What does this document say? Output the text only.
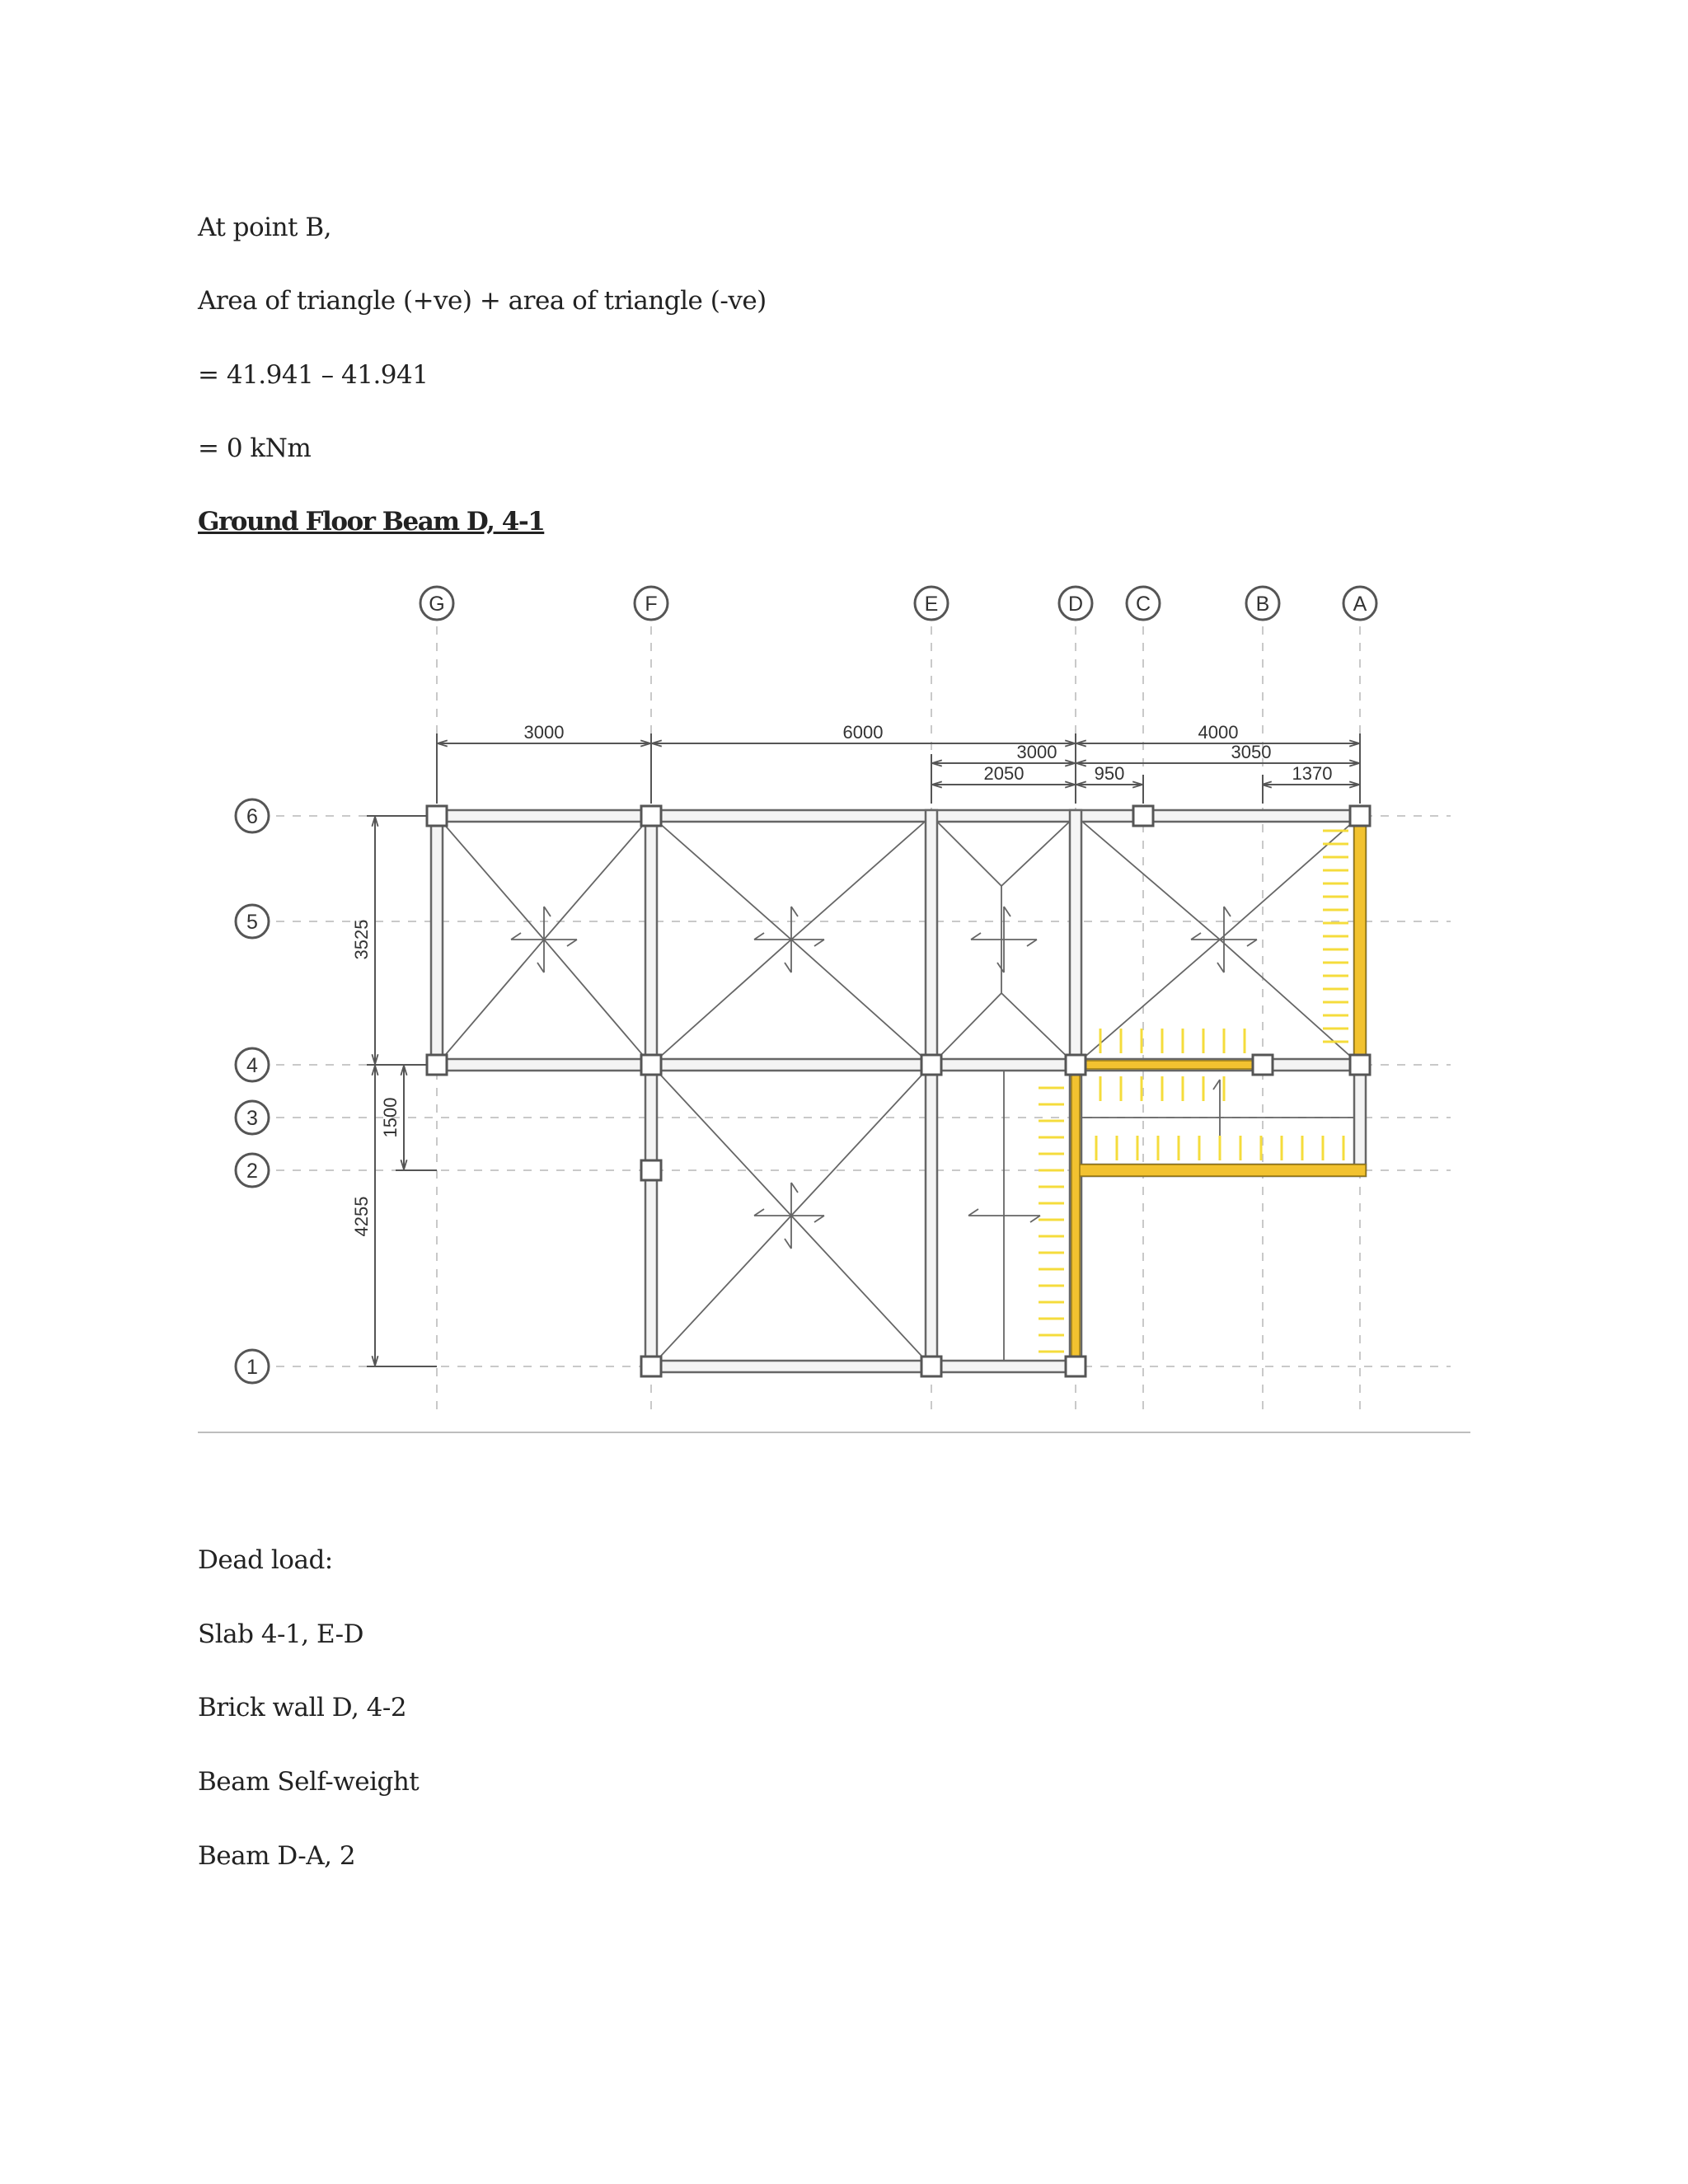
At point B,
Area of triangle (+ve) + area of triangle (-ve)
= 41.941 – 41.941
= 0 kNm
Ground Floor Beam D, 4-1
G	F	E	D	C	B	A
6
5
4
3
2
1
3000	6000	4000
3000	3050
2050	950	1370
3525
1500
4255
Dead load:
Slab 4-1, E-D
Brick wall D, 4-2
Beam Self-weight
Beam D-A, 2
